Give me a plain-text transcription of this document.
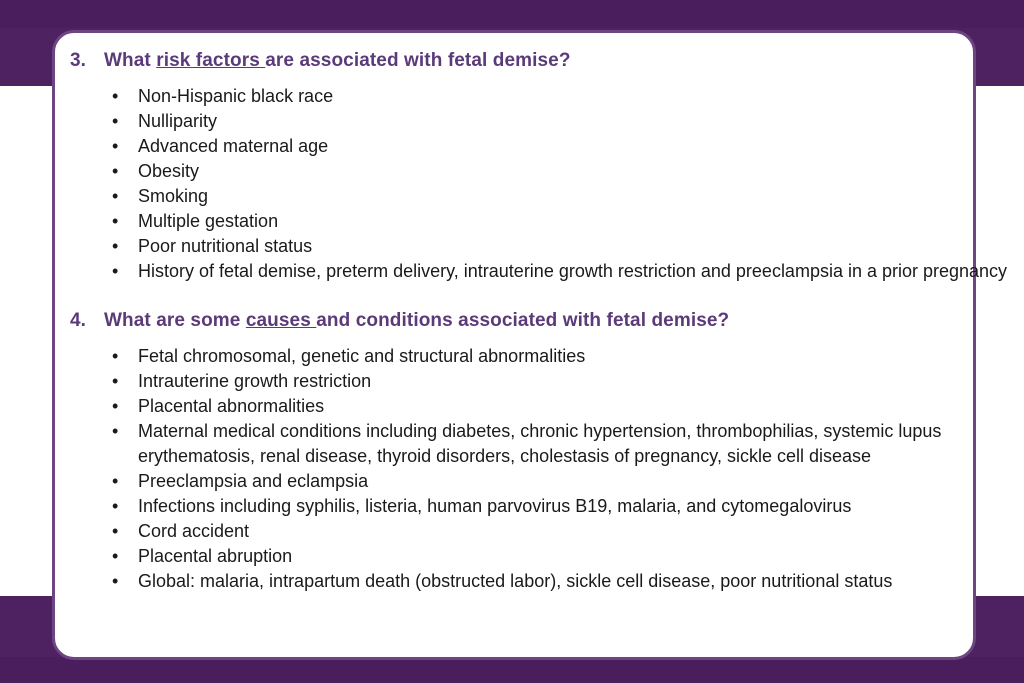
3. What risk factors are associated with fetal demise?
• Non-Hispanic black race
• Nulliparity
• Advanced maternal age
• Obesity
• Smoking
• Multiple gestation
• Poor nutritional status
• History of fetal demise, preterm delivery, intrauterine growth restriction and preeclampsia in a prior pregnancy
4. What are some causes and conditions associated with fetal demise?
• Fetal chromosomal, genetic and structural abnormalities
• Intrauterine growth restriction
• Placental abnormalities
• Maternal medical conditions including diabetes, chronic hypertension, thrombophilias, systemic lupus erythematosis, renal disease, thyroid disorders, cholestasis of pregnancy, sickle cell disease
• Preeclampsia and eclampsia
• Infections including syphilis, listeria, human parvovirus B19, malaria, and cytomegalovirus
• Cord accident
• Placental abruption
• Global: malaria, intrapartum death (obstructed labor), sickle cell disease, poor nutritional status
